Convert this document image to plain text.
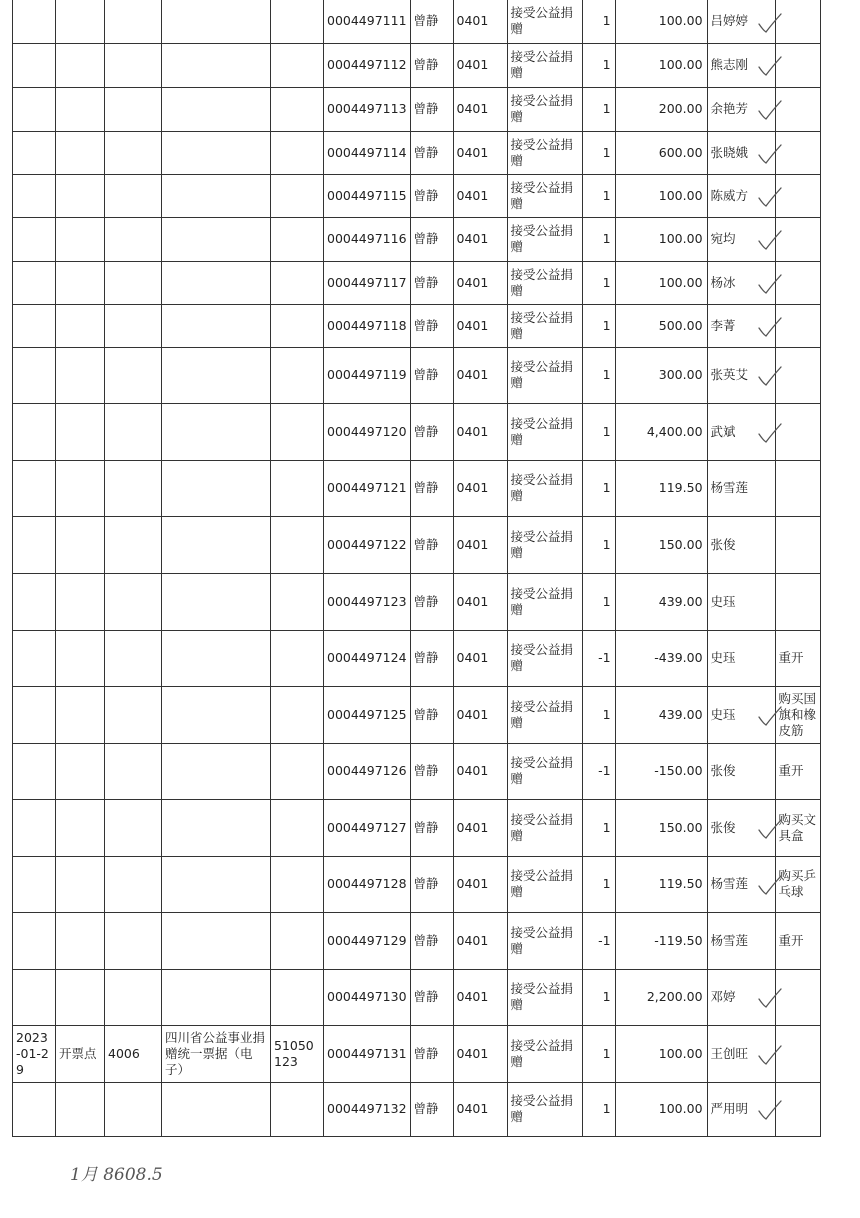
					0004497111	曾静	0401	接受公益捐赠	1	100.00	吕婷婷	
					0004497112	曾静	0401	接受公益捐赠	1	100.00	熊志刚	
					0004497113	曾静	0401	接受公益捐赠	1	200.00	余艳芳	
					0004497114	曾静	0401	接受公益捐赠	1	600.00	张晓娥	
					0004497115	曾静	0401	接受公益捐赠	1	100.00	陈威方	
					0004497116	曾静	0401	接受公益捐赠	1	100.00	宛均	
					0004497117	曾静	0401	接受公益捐赠	1	100.00	杨冰	
					0004497118	曾静	0401	接受公益捐赠	1	500.00	李菁	
					0004497119	曾静	0401	接受公益捐赠	1	300.00	张英艾	
					0004497120	曾静	0401	接受公益捐赠	1	4,400.00	武斌	
					0004497121	曾静	0401	接受公益捐赠	1	119.50	杨雪莲	
					0004497122	曾静	0401	接受公益捐赠	1	150.00	张俊	
					0004497123	曾静	0401	接受公益捐赠	1	439.00	史珏	
					0004497124	曾静	0401	接受公益捐赠	-1	-439.00	史珏	重开
					0004497125	曾静	0401	接受公益捐赠	1	439.00	史珏	购买国旗和橡皮筋
					0004497126	曾静	0401	接受公益捐赠	-1	-150.00	张俊	重开
					0004497127	曾静	0401	接受公益捐赠	1	150.00	张俊	购买文具盒
					0004497128	曾静	0401	接受公益捐赠	1	119.50	杨雪莲	购买乒乓球
					0004497129	曾静	0401	接受公益捐赠	-1	-119.50	杨雪莲	重开
					0004497130	曾静	0401	接受公益捐赠	1	2,200.00	邓婷	
2023-01-29	开票点	4006	四川省公益事业捐赠统一票据（电子）	51050123	0004497131	曾静	0401	接受公益捐赠	1	100.00	王创旺	
					0004497132	曾静	0401	接受公益捐赠	1	100.00	严用明	
1月 8608.5
